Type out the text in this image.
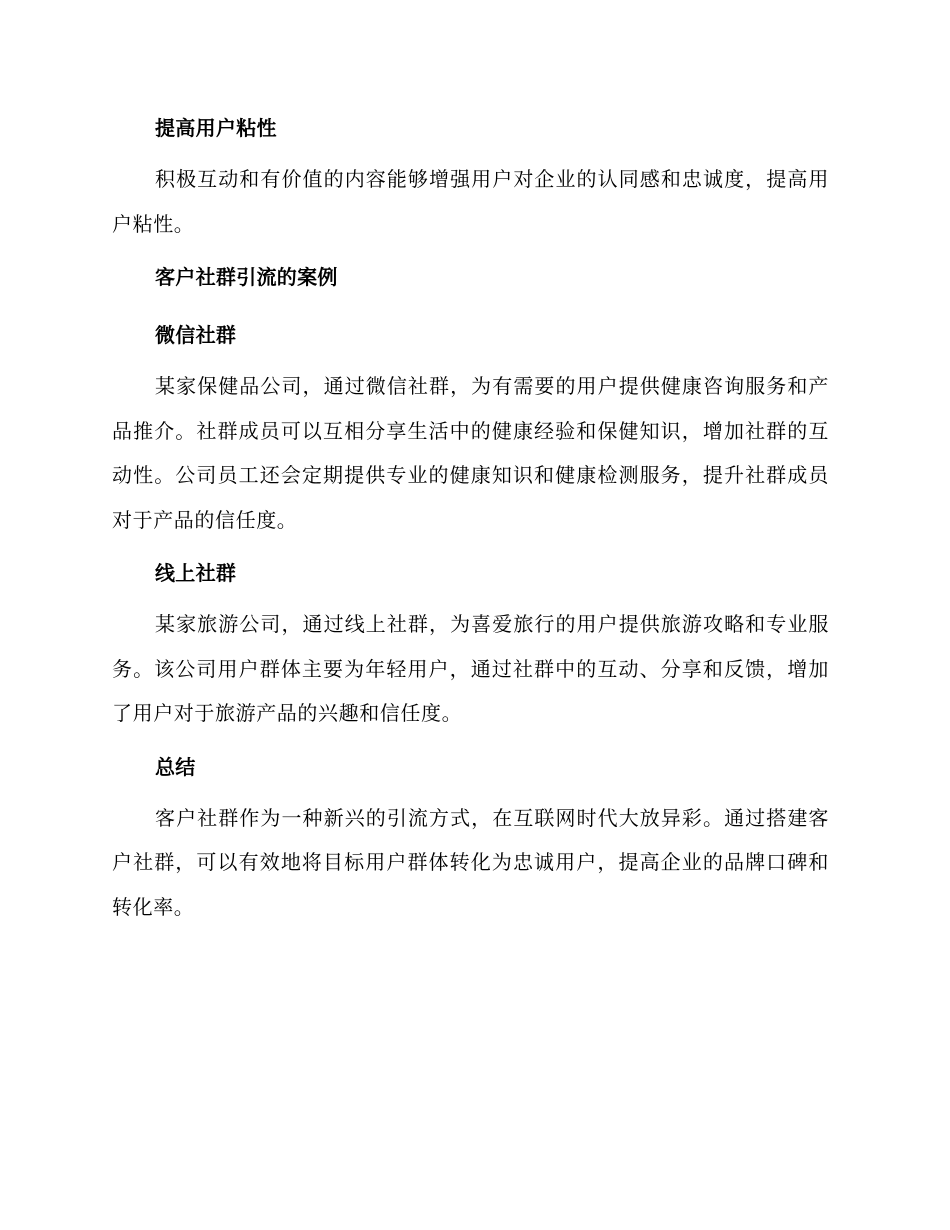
提高用户粘性

积极互动和有价值的内容能够增强用户对企业的认同感和忠诚度，提高用户粘性。

客户社群引流的案例
微信社群

某家保健品公司，通过微信社群，为有需要的用户提供健康咨询服务和产品推介。社群成员可以互相分享生活中的健康经验和保健知识，增加社群的互动性。公司员工还会定期提供专业的健康知识和健康检测服务，提升社群成员对于产品的信任度。

线上社群

某家旅游公司，通过线上社群，为喜爱旅行的用户提供旅游攻略和专业服务。该公司用户群体主要为年轻用户，通过社群中的互动、分享和反馈，增加了用户对于旅游产品的兴趣和信任度。

总结

客户社群作为一种新兴的引流方式，在互联网时代大放异彩。通过搭建客户社群，可以有效地将目标用户群体转化为忠诚用户，提高企业的品牌口碑和转化率。
